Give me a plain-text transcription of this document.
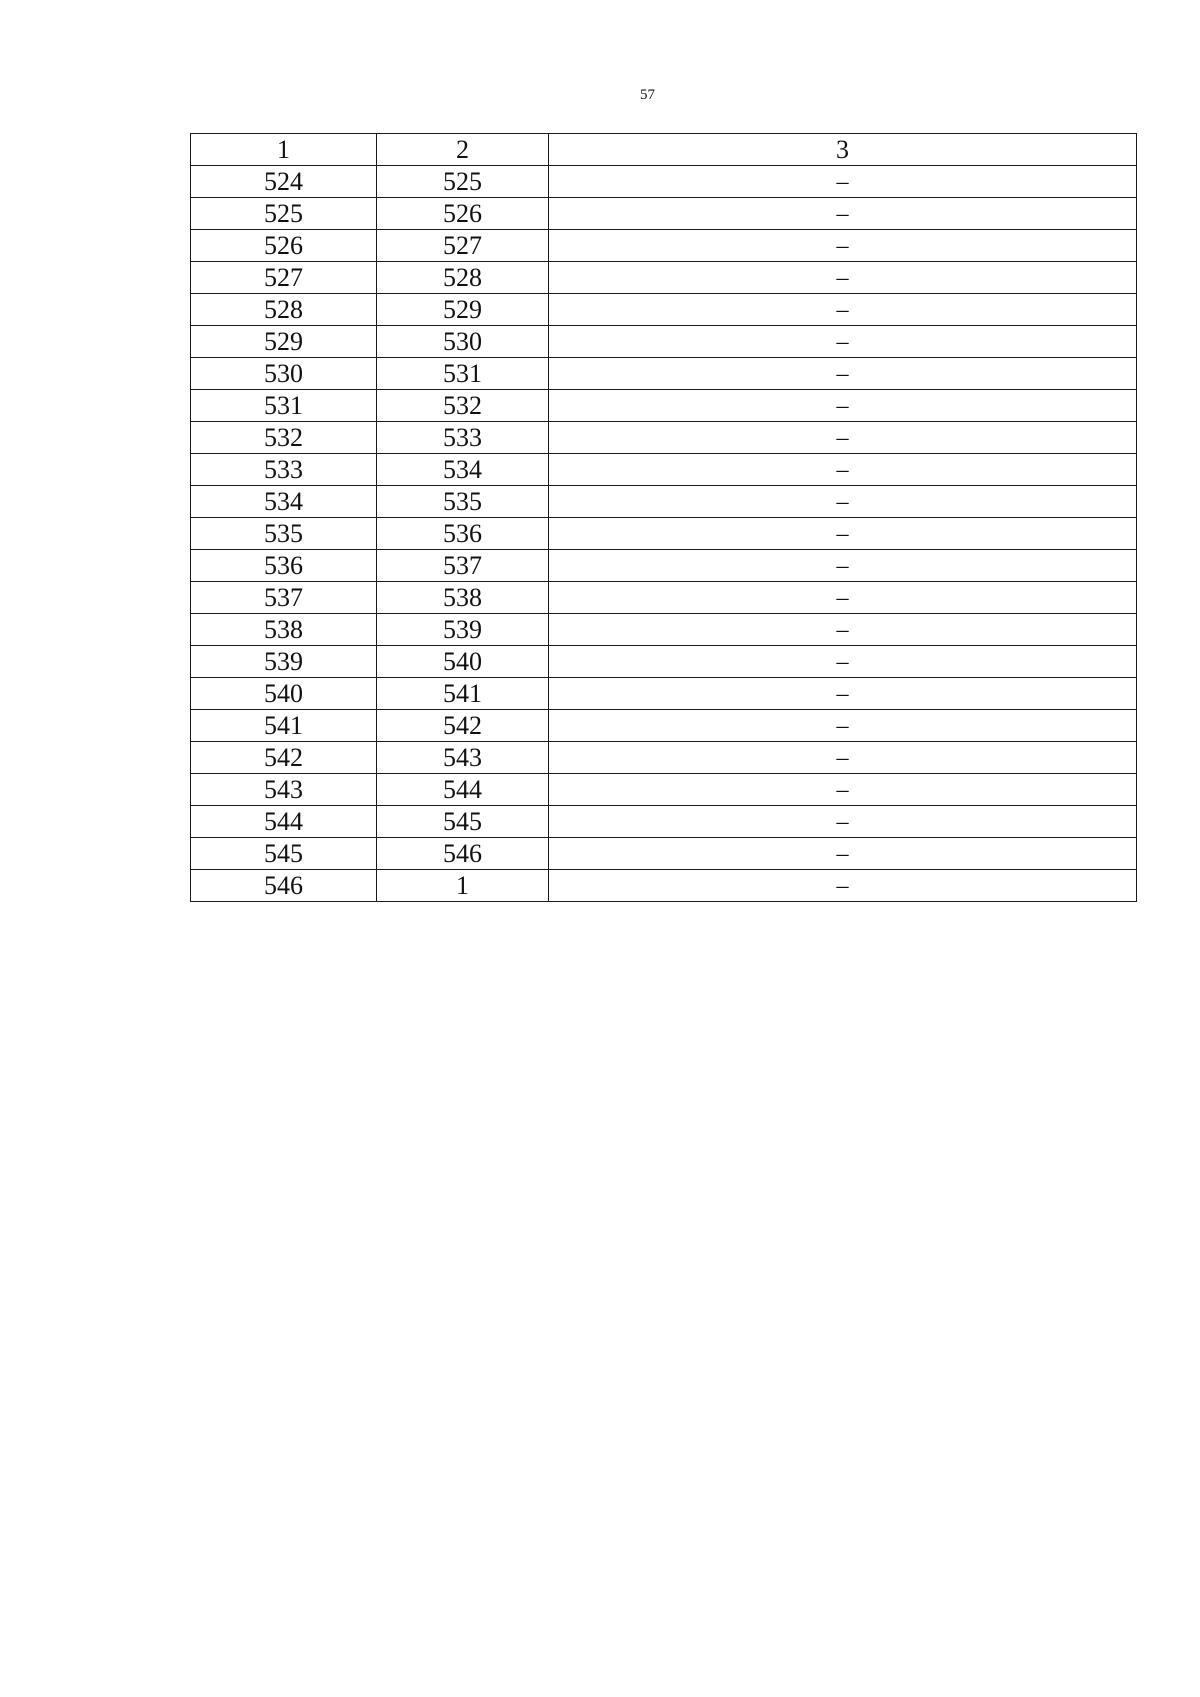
57
1	2	3
524	525	–
525	526	–
526	527	–
527	528	–
528	529	–
529	530	–
530	531	–
531	532	–
532	533	–
533	534	–
534	535	–
535	536	–
536	537	–
537	538	–
538	539	–
539	540	–
540	541	–
541	542	–
542	543	–
543	544	–
544	545	–
545	546	–
546	1	–
